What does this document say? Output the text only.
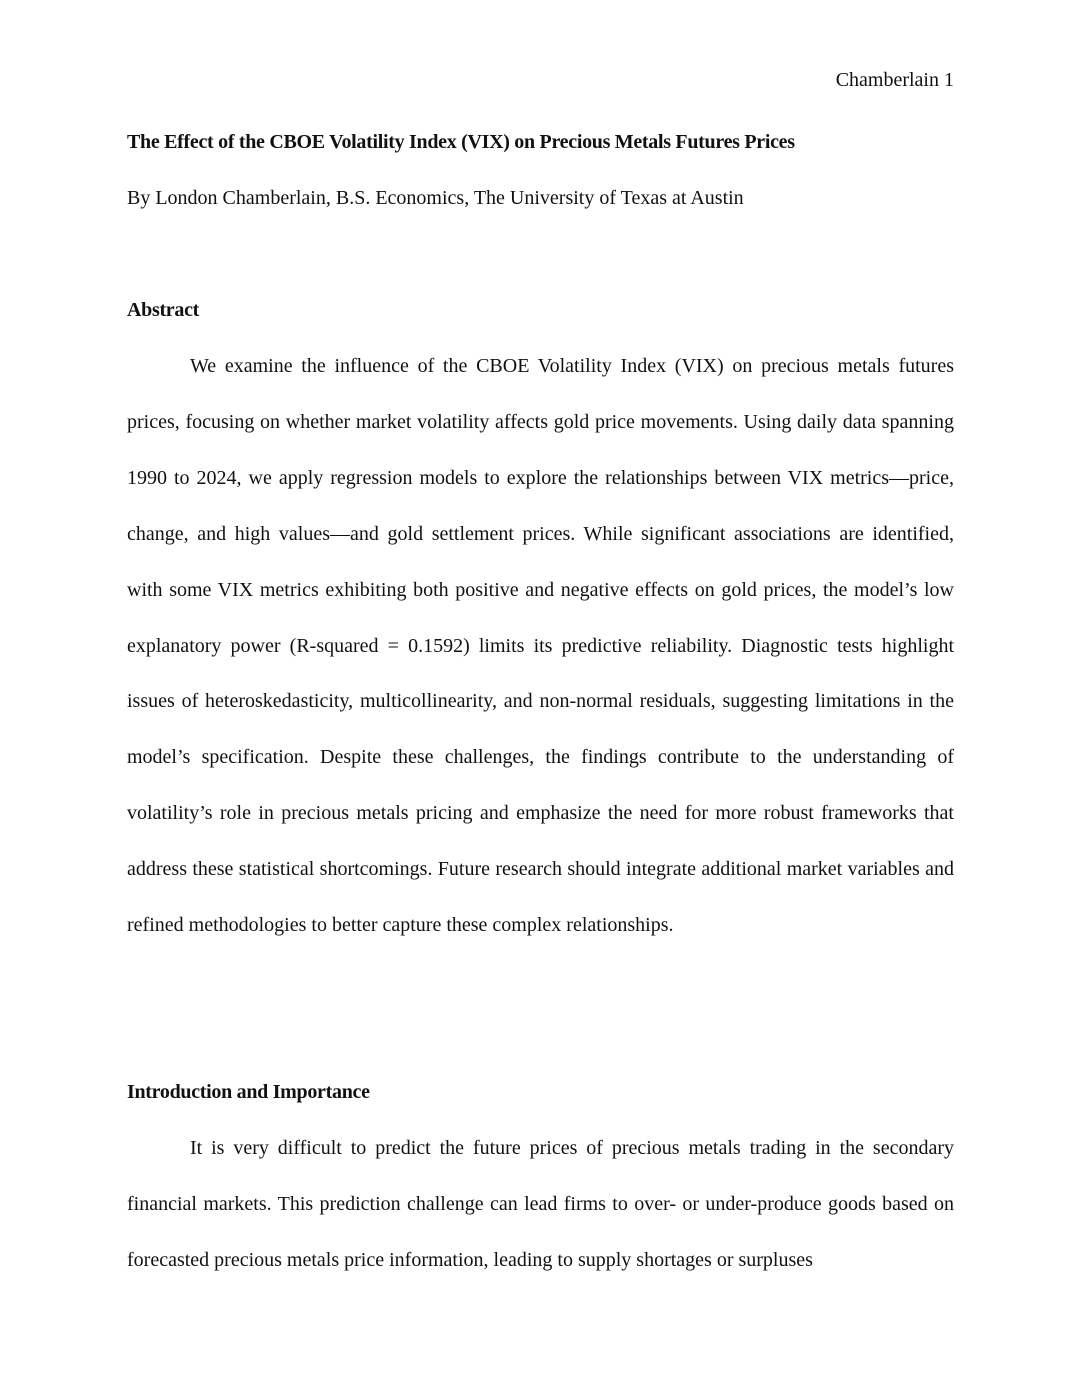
Chamberlain 1
The Effect of the CBOE Volatility Index (VIX) on Precious Metals Futures Prices
By London Chamberlain, B.S. Economics, The University of Texas at Austin
Abstract

We examine the influence of the CBOE Volatility Index (VIX) on precious metals futures prices, focusing on whether market volatility affects gold price movements. Using daily data spanning 1990 to 2024, we apply regression models to explore the relationships between VIX metrics—price, change, and high values—and gold settlement prices. While significant associations are identified, with some VIX metrics exhibiting both positive and negative effects on gold prices, the model’s low explanatory power (R-squared = 0.1592) limits its predictive reliability. Diagnostic tests highlight issues of heteroskedasticity, multicollinearity, and non-normal residuals, suggesting limitations in the model’s specification. Despite these challenges, the findings contribute to the understanding of volatility’s role in precious metals pricing and emphasize the need for more robust frameworks that address these statistical shortcomings. Future research should integrate additional market variables and refined methodologies to better capture these complex relationships.

Introduction and Importance

It is very difficult to predict the future prices of precious metals trading in the secondary financial markets. This prediction challenge can lead firms to over- or under-produce goods based on forecasted precious metals price information, leading to supply shortages or surpluses
